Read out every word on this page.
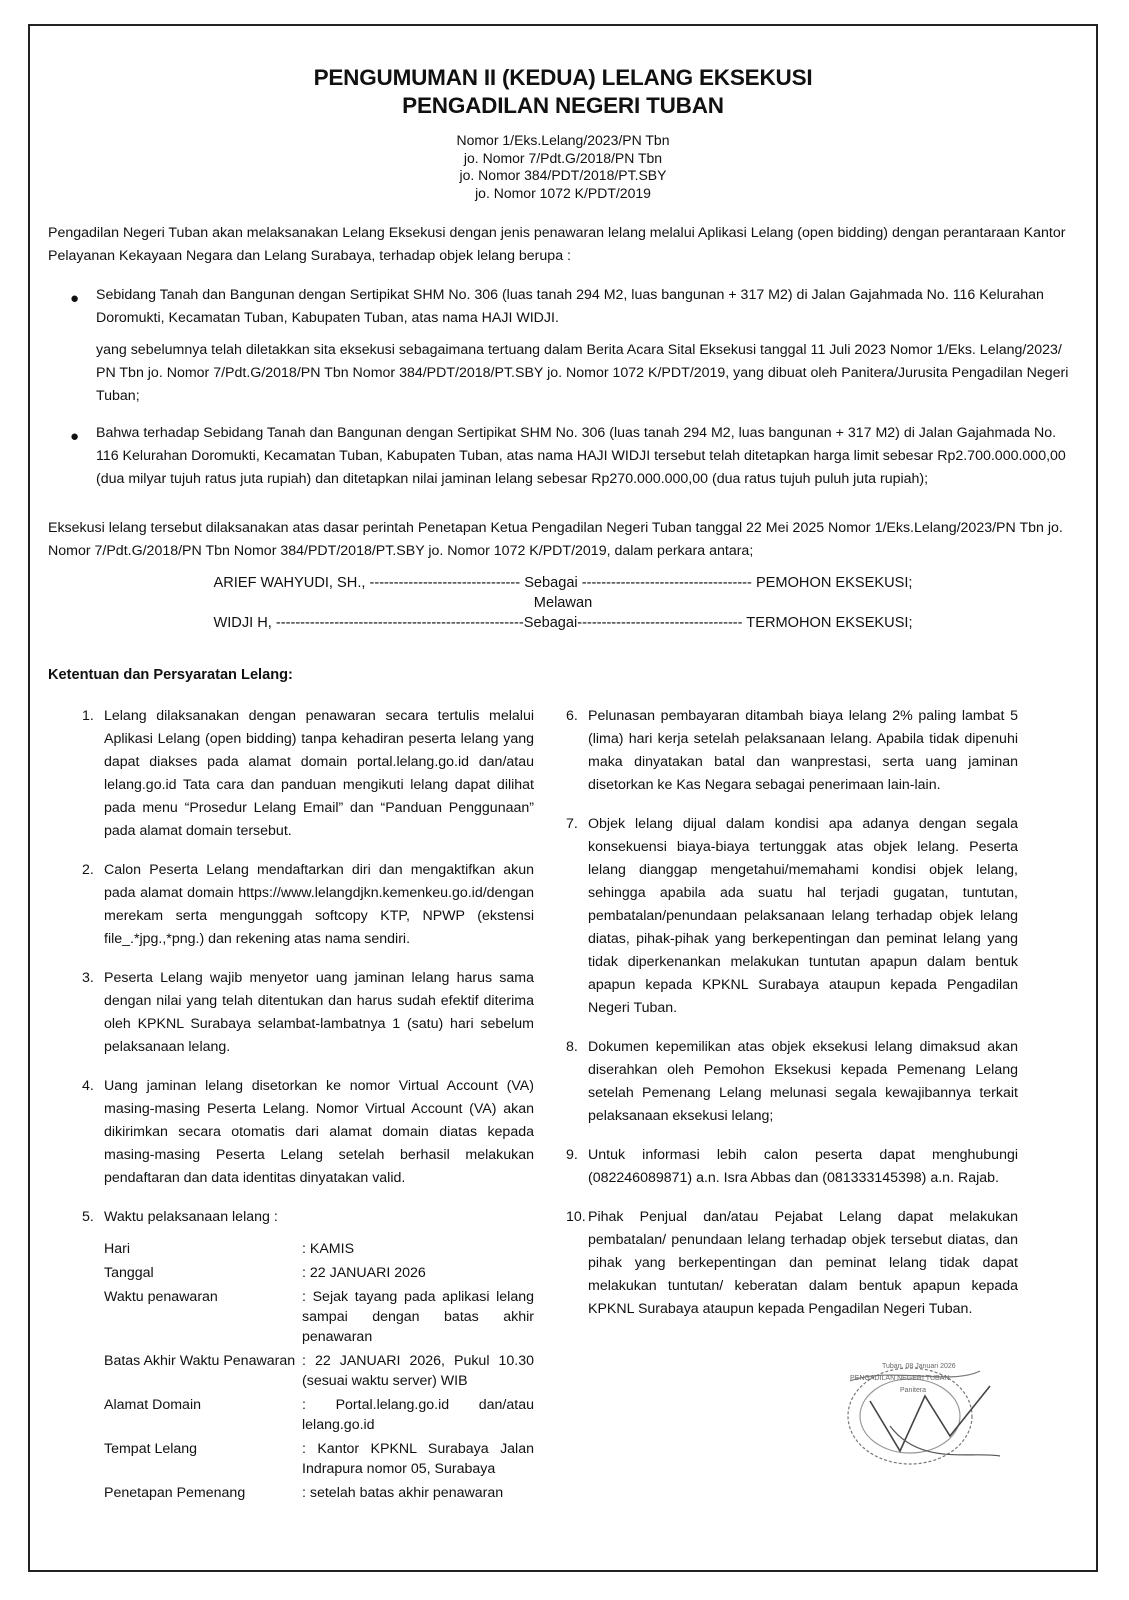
PENGUMUMAN II (KEDUA) LELANG EKSEKUSI
PENGADILAN NEGERI TUBAN
Nomor 1/Eks.Lelang/2023/PN Tbn
jo. Nomor 7/Pdt.G/2018/PN Tbn
jo. Nomor 384/PDT/2018/PT.SBY
jo. Nomor 1072 K/PDT/2019

Pengadilan Negeri Tuban akan melaksanakan Lelang Eksekusi dengan jenis penawaran lelang melalui Aplikasi Lelang (open bidding) dengan perantaraan Kantor Pelayanan Kekayaan Negara dan Lelang Surabaya, terhadap objek lelang berupa :

● Sebidang Tanah dan Bangunan dengan Sertipikat SHM No. 306 (luas tanah 294 M2, luas bangunan + 317 M2) di Jalan Gajahmada No. 116 Kelurahan Doromukti, Kecamatan Tuban, Kabupaten Tuban, atas nama HAJI WIDJI.

yang sebelumnya telah diletakkan sita eksekusi sebagaimana tertuang dalam Berita Acara Sital Eksekusi tanggal 11 Juli 2023 Nomor 1/Eks. Lelang/2023/ PN Tbn jo. Nomor 7/Pdt.G/2018/PN Tbn Nomor 384/PDT/2018/PT.SBY jo. Nomor 1072 K/PDT/2019, yang dibuat oleh Panitera/Jurusita Pengadilan Negeri Tuban;

● Bahwa terhadap Sebidang Tanah dan Bangunan dengan Sertipikat SHM No. 306 (luas tanah 294 M2, luas bangunan + 317 M2) di Jalan Gajahmada No. 116 Kelurahan Doromukti, Kecamatan Tuban, Kabupaten Tuban, atas nama HAJI WIDJI tersebut telah ditetapkan harga limit sebesar Rp2.700.000.000,00 (dua milyar tujuh ratus juta rupiah) dan ditetapkan nilai jaminan lelang sebesar Rp270.000.000,00 (dua ratus tujuh puluh juta rupiah);

Eksekusi lelang tersebut dilaksanakan atas dasar perintah Penetapan Ketua Pengadilan Negeri Tuban tanggal 22 Mei 2025 Nomor 1/Eks.Lelang/2023/PN Tbn jo. Nomor 7/Pdt.G/2018/PN Tbn Nomor 384/PDT/2018/PT.SBY jo. Nomor 1072 K/PDT/2019, dalam perkara antara;

ARIEF WAHYUDI, SH., ------------------------------- Sebagai ----------------------------------- PEMOHON EKSEKUSI;
Melawan
WIDJI H, ---------------------------------------------------Sebagai---------------------------------- TERMOHON EKSEKUSI;
Ketentuan dan Persyaratan Lelang:
1. Lelang dilaksanakan dengan penawaran secara tertulis melalui Aplikasi Lelang (open bidding) tanpa kehadiran peserta lelang yang dapat diakses pada alamat domain portal.lelang.go.id dan/atau lelang.go.id Tata cara dan panduan mengikuti lelang dapat dilihat pada menu “Prosedur Lelang Email” dan “Panduan Penggunaan” pada alamat domain tersebut.
2. Calon Peserta Lelang mendaftarkan diri dan mengaktifkan akun pada alamat domain https://www.lelangdjkn.kemenkeu.go.id/dengan merekam serta mengunggah softcopy KTP, NPWP (ekstensi file_.*jpg.,*png.) dan rekening atas nama sendiri.
3. Peserta Lelang wajib menyetor uang jaminan lelang harus sama dengan nilai yang telah ditentukan dan harus sudah efektif diterima oleh KPKNL Surabaya selambat-lambatnya 1 (satu) hari sebelum pelaksanaan lelang.
4. Uang jaminan lelang disetorkan ke nomor Virtual Account (VA) masing-masing Peserta Lelang. Nomor Virtual Account (VA) akan dikirimkan secara otomatis dari alamat domain diatas kepada masing-masing Peserta Lelang setelah berhasil melakukan pendaftaran dan data identitas dinyatakan valid.
5. Waktu pelaksanaan lelang :
Hari	: KAMIS
Tanggal	: 22 JANUARI 2026
Waktu penawaran	: Sejak tayang pada aplikasi lelang sampai dengan batas akhir penawaran
Batas Akhir Waktu Penawaran	: 22 JANUARI 2026, Pukul 10.30 (sesuai waktu server) WIB
Alamat Domain	: Portal.lelang.go.id dan/atau lelang.go.id
Tempat Lelang	: Kantor KPKNL Surabaya Jalan Indrapura nomor 05, Surabaya
Penetapan Pemenang	: setelah batas akhir penawaran
6. Pelunasan pembayaran ditambah biaya lelang 2% paling lambat 5 (lima) hari kerja setelah pelaksanaan lelang. Apabila tidak dipenuhi maka dinyatakan batal dan wanprestasi, serta uang jaminan disetorkan ke Kas Negara sebagai penerimaan lain-lain.
7. Objek lelang dijual dalam kondisi apa adanya dengan segala konsekuensi biaya-biaya tertunggak atas objek lelang. Peserta lelang dianggap mengetahui/memahami kondisi objek lelang, sehingga apabila ada suatu hal terjadi gugatan, tuntutan, pembatalan/penundaan pelaksanaan lelang terhadap objek lelang diatas, pihak-pihak yang berkepentingan dan peminat lelang yang tidak diperkenankan melakukan tuntutan apapun dalam bentuk apapun kepada KPKNL Surabaya ataupun kepada Pengadilan Negeri Tuban.
8. Dokumen kepemilikan atas objek eksekusi lelang dimaksud akan diserahkan oleh Pemohon Eksekusi kepada Pemenang Lelang setelah Pemenang Lelang melunasi segala kewajibannya terkait pelaksanaan eksekusi lelang;
9. Untuk informasi lebih calon peserta dapat menghubungi (082246089871) a.n. Isra Abbas dan (081333145398) a.n. Rajab.
10. Pihak Penjual dan/atau Pejabat Lelang dapat melakukan pembatalan/ penundaan lelang terhadap objek tersebut diatas, dan pihak yang berkepentingan dan peminat lelang tidak dapat melakukan tuntutan/ keberatan dalam bentuk apapun kepada KPKNL Surabaya ataupun kepada Pengadilan Negeri Tuban.
Tuban, 08 Januari 2026
PENGADILAN NEGERI TUBAN
Panitera
